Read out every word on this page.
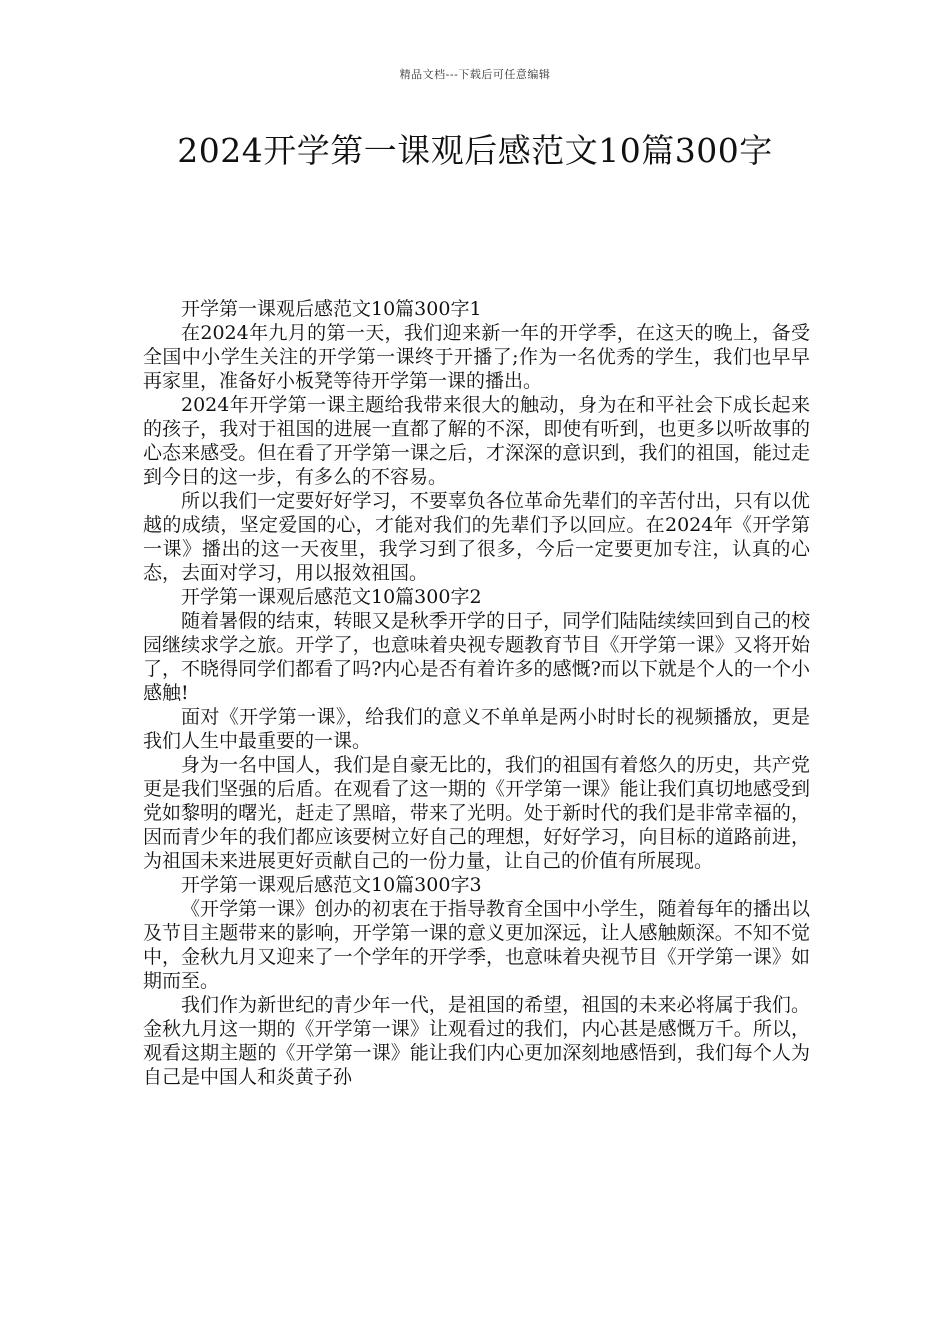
精品文档---下载后可任意编辑
2024开学第一课观后感范文10篇300字

开学第一课观后感范文10篇300字1

在2024年九月的第一天，我们迎来新一年的开学季，在这天的晚上，备受全国中小学生关注的开学第一课终于开播了;作为一名优秀的学生，我们也早早再家里，准备好小板凳等待开学第一课的播出。

2024年开学第一课主题给我带来很大的触动，身为在和平社会下成长起来的孩子，我对于祖国的进展一直都了解的不深，即使有听到，也更多以听故事的心态来感受。但在看了开学第一课之后，才深深的意识到，我们的祖国，能过走到今日的这一步，有多么的不容易。

所以我们一定要好好学习，不要辜负各位革命先辈们的辛苦付出，只有以优越的成绩，坚定爱国的心，才能对我们的先辈们予以回应。在2024年《开学第一课》播出的这一天夜里，我学习到了很多，今后一定要更加专注，认真的心态，去面对学习，用以报效祖国。

开学第一课观后感范文10篇300字2

随着暑假的结束，转眼又是秋季开学的日子，同学们陆陆续续回到自己的校园继续求学之旅。开学了，也意味着央视专题教育节目《开学第一课》又将开始了，不晓得同学们都看了吗?内心是否有着许多的感慨?而以下就是个人的一个小感触!

面对《开学第一课》，给我们的意义不单单是两小时时长的视频播放，更是我们人生中最重要的一课。

身为一名中国人，我们是自豪无比的，我们的祖国有着悠久的历史，共产党更是我们坚强的后盾。在观看了这一期的《开学第一课》能让我们真切地感受到党如黎明的曙光，赶走了黑暗，带来了光明。处于新时代的我们是非常幸福的，因而青少年的我们都应该要树立好自己的理想，好好学习，向目标的道路前进，为祖国未来进展更好贡献自己的一份力量，让自己的价值有所展现。

开学第一课观后感范文10篇300字3

《开学第一课》创办的初衷在于指导教育全国中小学生，随着每年的播出以及节目主题带来的影响，开学第一课的意义更加深远，让人感触颇深。不知不觉中，金秋九月又迎来了一个学年的开学季，也意味着央视节目《开学第一课》如期而至。

我们作为新世纪的青少年一代，是祖国的希望，祖国的未来必将属于我们。金秋九月这一期的《开学第一课》让观看过的我们，内心甚是感慨万千。所以，观看这期主题的《开学第一课》能让我们内心更加深刻地感悟到，我们每个人为自己是中国人和炎黄子孙
